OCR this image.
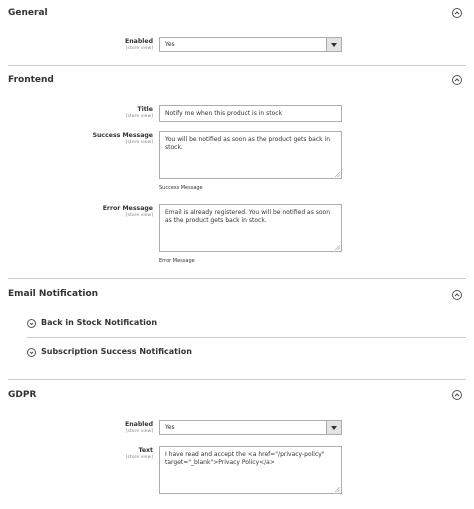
General
Enabled
[store view]
Yes
Frontend
Title
[store view]	Notify me when this product is in stock
Success Message
[store view]	You will be notified as soon as the product gets back in stock.
Success Message
Error Message
[store view]	Email is already registered. You will be notified as soon as the product gets back in stock.
Error Message
Email Notification
Back in Stock Notification
Subscription Success Notification
GDPR
Enabled
[store view]
Yes
Text
[store view]	I have read and accept the <a href="/privacy-policy" target="_blank">Privacy Policy</a>
